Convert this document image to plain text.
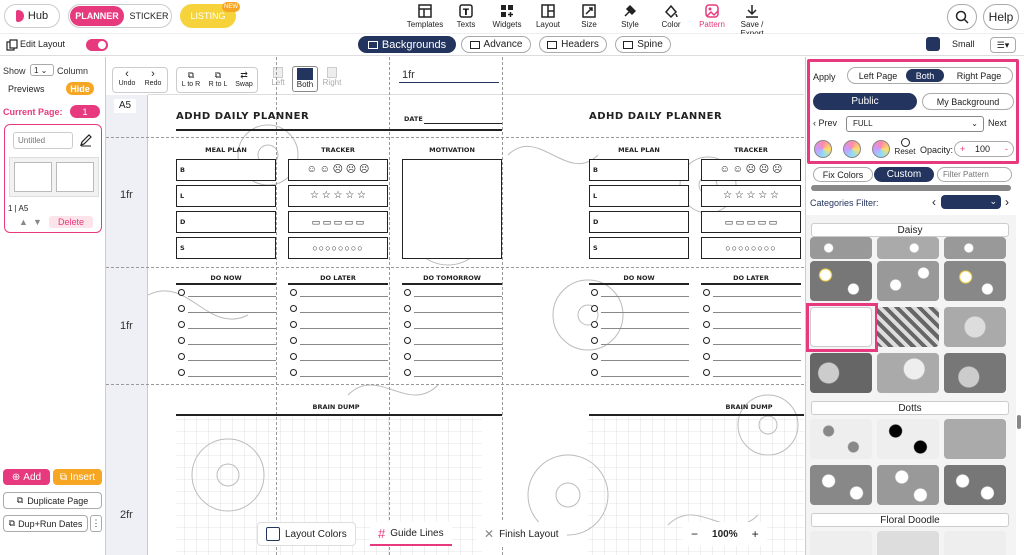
Hub	PLANNER	STICKER	LISTING
NEW
Templates
T
Texts	Widgets	Layout	Size	Style	Color	Pattern	Save /
Help
Edit Layout	Backgrounds	Advance	Headers	Spine	Small	☰▾
Show	1 ⌄	Column
Previews	Hide
Current Page:	1
Untitled
1 | A5
▲ ▼	Delete
⊕ Add ⧉ Insert
⧉ Duplicate Page
⧉ Dup+Run Dates ⋮
‹
Undo
›
Redo
⧉
L to R
⧉
R to L
⇄
Swap	Left	Both	Right
A5
1fr
1fr
1fr
2fr
ADHD DAILY PLANNER	DATE
MEAL PLAN
B
L
D
S
TRACKER
☺ ☺ ☹ ☹ ☹
☆ ☆ ☆ ☆ ☆
▭ ▭ ▭ ▭ ▭
○○○○○○○○
MOTIVATION
DO NOW	DO LATER	DO TOMORROW
BRAIN DUMP
ADHD DAILY PLANNER
MEAL PLAN
B
L
D
S
TRACKER
☺ ☺ ☹ ☹ ☹
☆ ☆ ☆ ☆ ☆
▭ ▭ ▭ ▭ ▭
○○○○○○○○
DO NOW	DO LATER
BRAIN DUMP
Layout Colors # Guide Lines	✕ Finish Layout	− 100% +
Apply	Left Page	Both	Right Page
Public	My Background
‹ Prev	FULL	⌄ Next
Reset Opacity: + 100 -
Fix Colors	Custom
Filter Pattern
Categories Filter:	‹	⌄ ›
Daisy
Dotts
Floral Doodle
